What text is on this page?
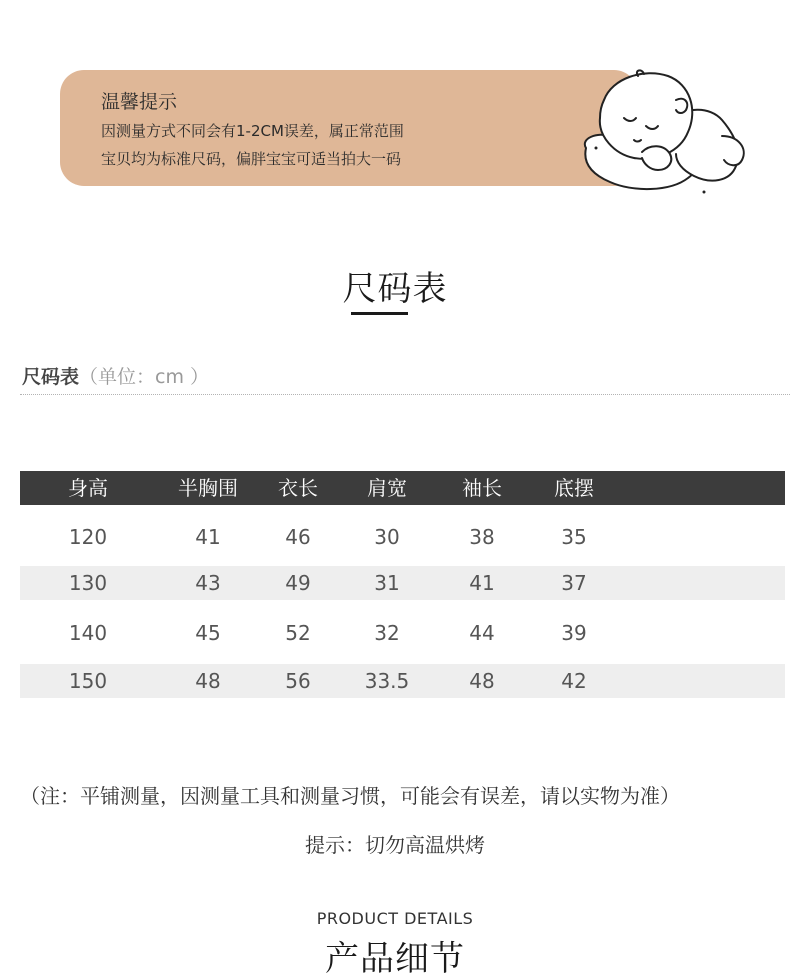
温馨提示
因测量方式不同会有1-2CM误差，属正常范围
宝贝均为标准尺码，偏胖宝宝可适当拍大一码
尺码表
尺码表（单位：cm ）
身高	半胸围 衣长 肩宽	袖长	底摆
120	41	46	30	38	35
130	43	49	31	41	37
140	45	52	32	44	39
150	48	56	33.5	48	42
（注：平铺测量，因测量工具和测量习惯，可能会有误差，请以实物为准）
提示：切勿高温烘烤
PRODUCT DETAILS
产品细节
